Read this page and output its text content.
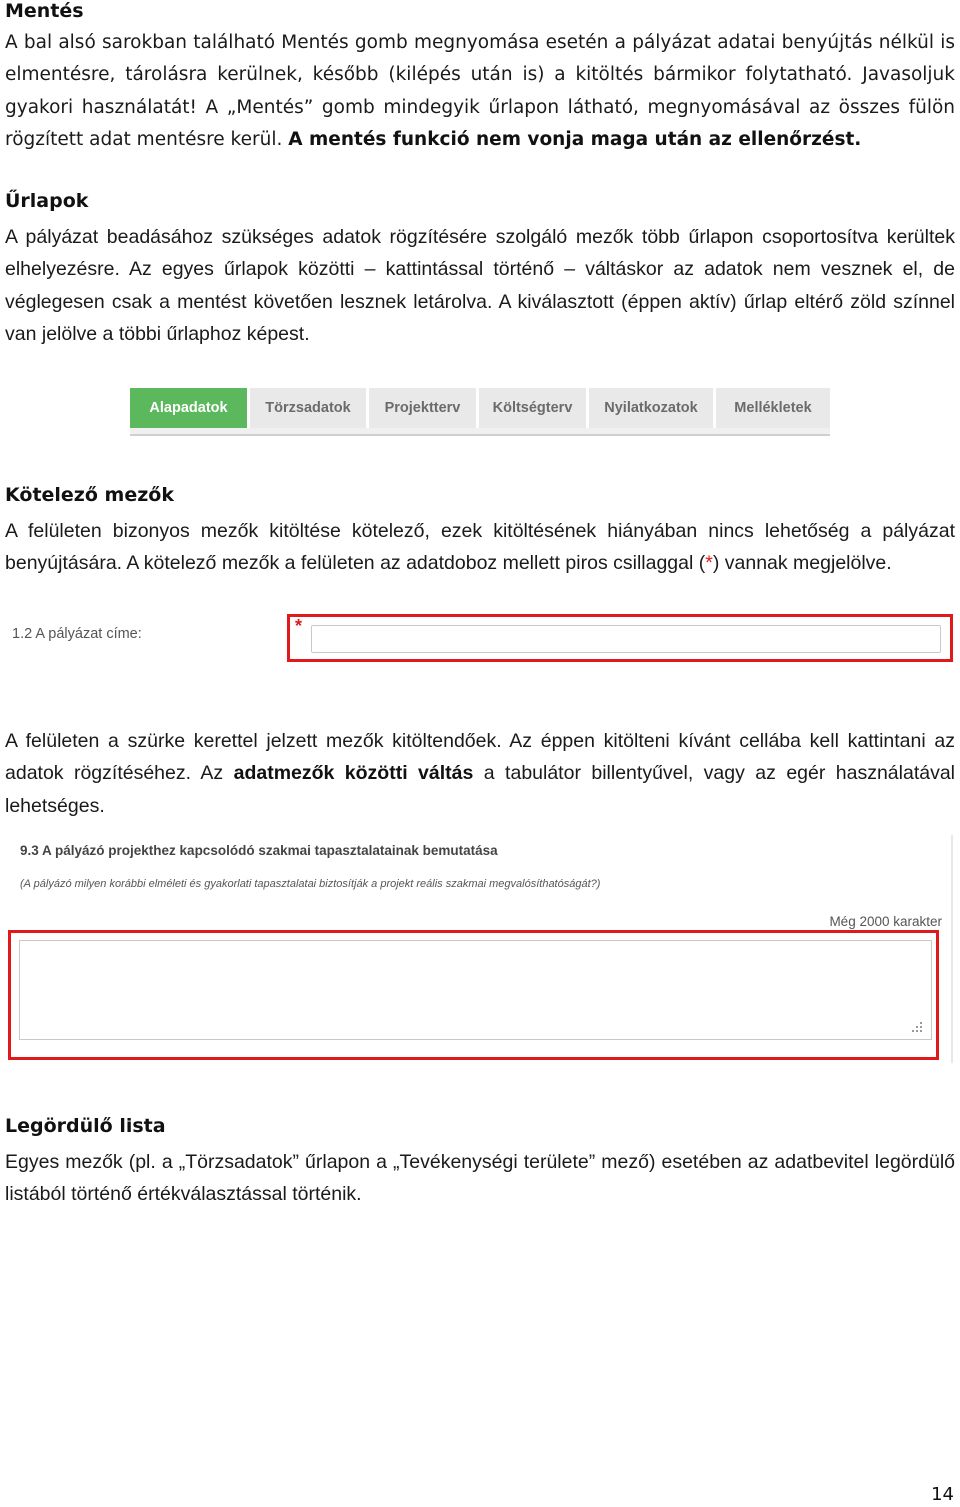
Mentés

A bal alsó sarokban található Mentés gomb megnyomása esetén a pályázat adatai benyújtás nélkül is elmentésre, tárolásra kerülnek, később (kilépés után is) a kitöltés bármikor folytatható. Javasoljuk gyakori használatát! A „Mentés” gomb mindegyik űrlapon látható, megnyomásával az összes fülön rögzített adat mentésre kerül. A mentés funkció nem vonja maga után az ellenőrzést.

Űrlapok

A pályázat beadásához szükséges adatok rögzítésére szolgáló mezők több űrlapon csoportosítva kerültek elhelyezésre. Az egyes űrlapok közötti – kattintással történő – váltáskor az adatok nem vesznek el, de véglegesen csak a mentést követően lesznek letárolva. A kiválasztott (éppen aktív) űrlap eltérő zöld színnel van jelölve a többi űrlaphoz képest.

Alapadatok	Törzsadatok	Projektterv	Költségterv	Nyilatkozatok	Mellékletek
Kötelező mezők

A felületen bizonyos mezők kitöltése kötelező, ezek kitöltésének hiányában nincs lehetőség a pályázat benyújtására. A kötelező mezők a felületen az adatdoboz mellett piros csillaggal (*) vannak megjelölve.

1.2 A pályázat címe:	*

A felületen a szürke kerettel jelzett mezők kitöltendőek. Az éppen kitölteni kívánt cellába kell kattintani az adatok rögzítéséhez. Az adatmezők közötti váltás a tabulátor billentyűvel, vagy az egér használatával lehetséges.

9.3 A pályázó projekthez kapcsolódó szakmai tapasztalatainak bemutatása
(A pályázó milyen korábbi elméleti és gyakorlati tapasztalatai biztosítják a projekt reális szakmai megvalósíthatóságát?)
Még 2000 karakter
Legördülő lista

Egyes mezők (pl. a „Törzsadatok” űrlapon a „Tevékenységi területe” mező) esetében az adatbevitel legördülő listából történő értékválasztással történik.

14
